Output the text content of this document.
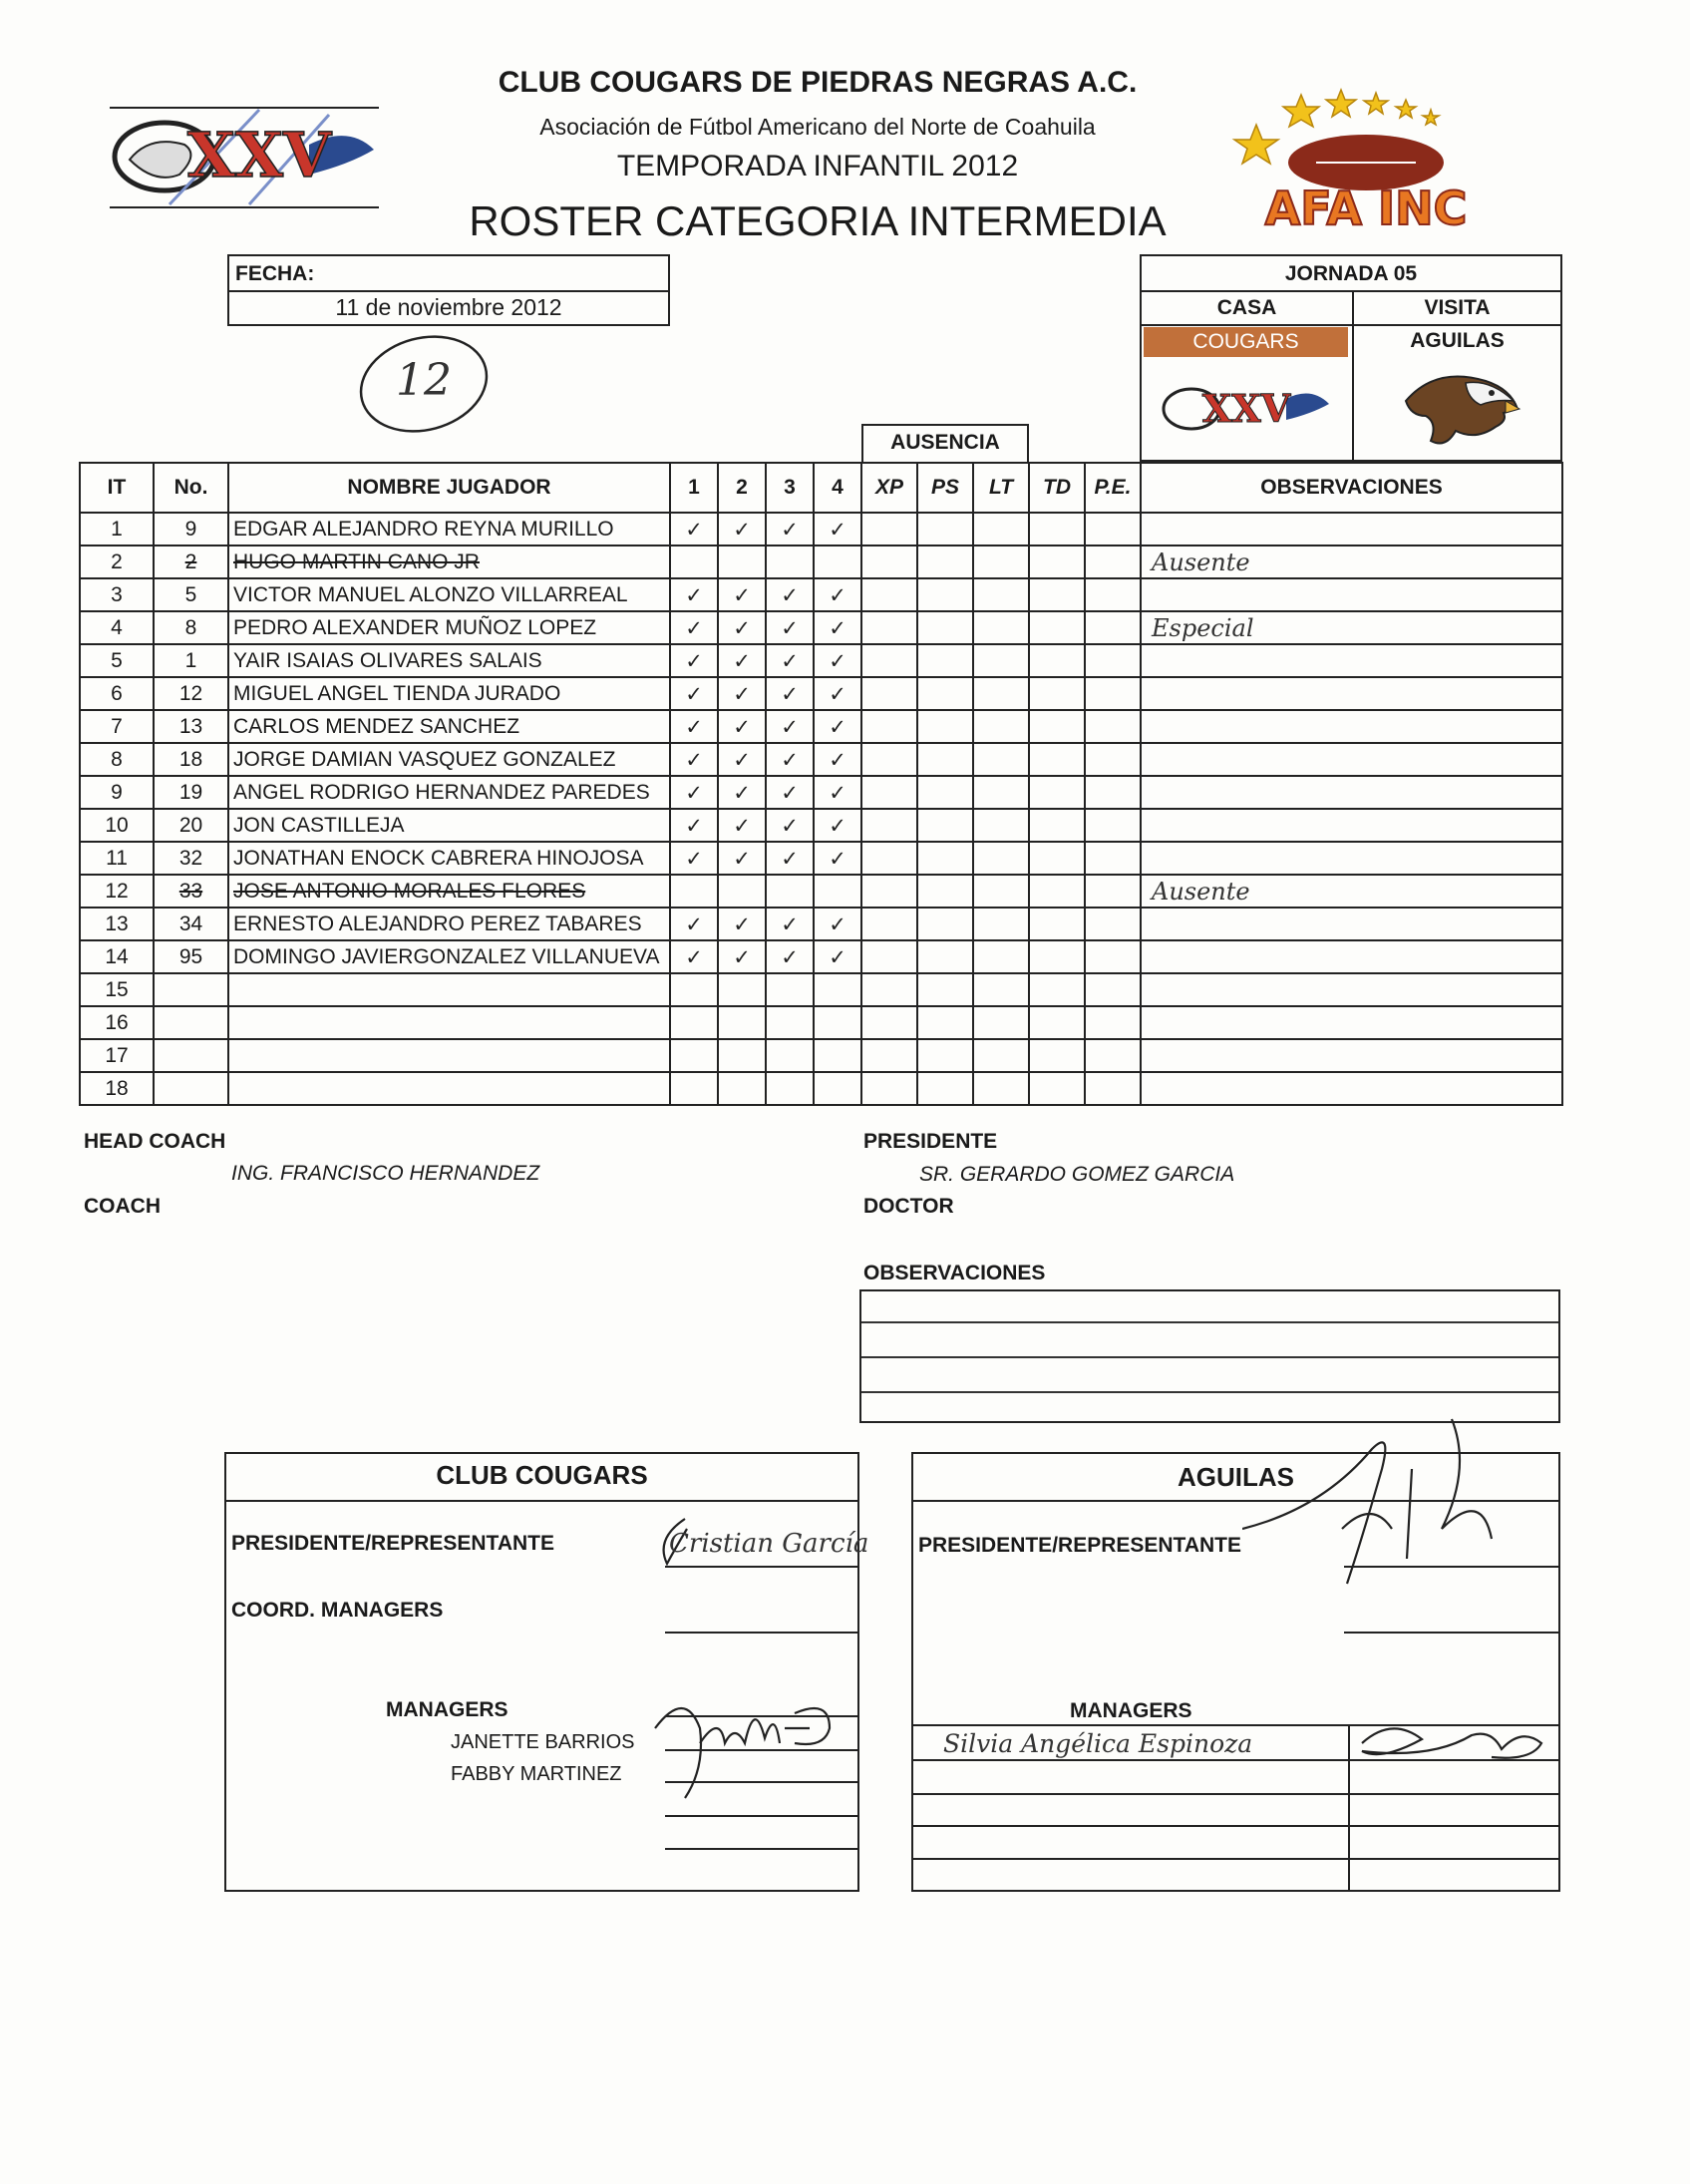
XXV
CLUB COUGARS DE PIEDRAS NEGRAS A.C.
Asociación de Fútbol Americano del Norte de Coahuila
TEMPORADA INFANTIL 2012
ROSTER CATEGORIA INTERMEDIA	AFA INC
FECHA:
11 de noviembre 2012
12
JORNADA 05
CASA	VISITA
COUGARS	AGUILAS
XXV
AUSENCIA
IT	No.	NOMBRE JUGADOR	1	2	3	4	XP	PS	LT	TD	P.E.	OBSERVACIONES
1	9	EDGAR ALEJANDRO REYNA MURILLO	✓	✓	✓	✓						
2	2	HUGO MARTIN CANO JR										Ausente
3	5	VICTOR MANUEL ALONZO VILLARREAL	✓	✓	✓	✓						
4	8	PEDRO ALEXANDER MUÑOZ LOPEZ	✓	✓	✓	✓						Especial
5	1	YAIR ISAIAS OLIVARES SALAIS	✓	✓	✓	✓						
6	12	MIGUEL ANGEL TIENDA JURADO	✓	✓	✓	✓						
7	13	CARLOS MENDEZ SANCHEZ	✓	✓	✓	✓						
8	18	JORGE DAMIAN VASQUEZ GONZALEZ	✓	✓	✓	✓						
9	19	ANGEL RODRIGO HERNANDEZ PAREDES	✓	✓	✓	✓						
10	20	JON CASTILLEJA	✓	✓	✓	✓						
11	32	JONATHAN ENOCK CABRERA HINOJOSA	✓	✓	✓	✓						
12	33	JOSE ANTONIO MORALES FLORES										Ausente
13	34	ERNESTO ALEJANDRO PEREZ TABARES	✓	✓	✓	✓						
14	95	DOMINGO JAVIERGONZALEZ VILLANUEVA	✓	✓	✓	✓						
15												
16												
17												
18												
HEAD COACH
ING. FRANCISCO HERNANDEZ
COACH
PRESIDENTE
SR. GERARDO GOMEZ GARCIA
DOCTOR
OBSERVACIONES
CLUB COUGARS
PRESIDENTE/REPRESENTANTE	Cristian García
COORD. MANAGERS
MANAGERS
JANETTE BARRIOS
FABBY MARTINEZ
AGUILAS
PRESIDENTE/REPRESENTANTE
MANAGERS
Silvia Angélica Espinoza
